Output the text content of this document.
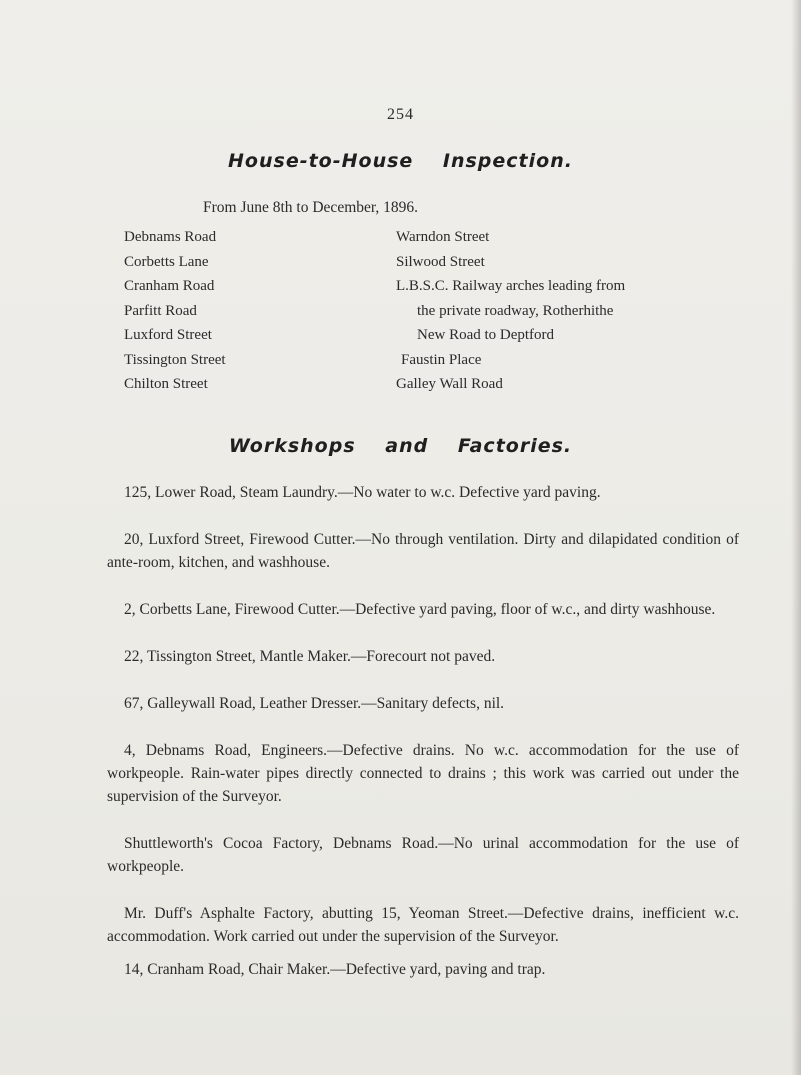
254
House-to-House Inspection.
From June 8th to December, 1896.
Debnams Road
Corbetts Lane
Cranham Road
Parfitt Road
Luxford Street
Tissington Street
Chilton Street
Warndon Street
Silwood Street
L.B.S.C. Railway arches leading from
the private roadway, Rotherhithe
New Road to Deptford
Faustin Place
Galley Wall Road
Workshops and Factories.

125, Lower Road, Steam Laundry.—No water to w.c. Defective yard paving.

20, Luxford Street, Firewood Cutter.—No through ventilation. Dirty and dilapidated condition of ante-room, kitchen, and washhouse.

2, Corbetts Lane, Firewood Cutter.—Defective yard paving, floor of w.c., and dirty washhouse.

22, Tissington Street, Mantle Maker.—Forecourt not paved.

67, Galleywall Road, Leather Dresser.—Sanitary defects, nil.

4, Debnams Road, Engineers.—Defective drains. No w.c. accommodation for the use of workpeople. Rain-water pipes directly connected to drains ; this work was carried out under the supervision of the Surveyor.

Shuttleworth's Cocoa Factory, Debnams Road.—No urinal accommodation for the use of workpeople.

Mr. Duff's Asphalte Factory, abutting 15, Yeoman Street.—Defective drains, inefficient w.c. accommodation. Work carried out under the supervision of the Surveyor.

14, Cranham Road, Chair Maker.—Defective yard, paving and trap.
